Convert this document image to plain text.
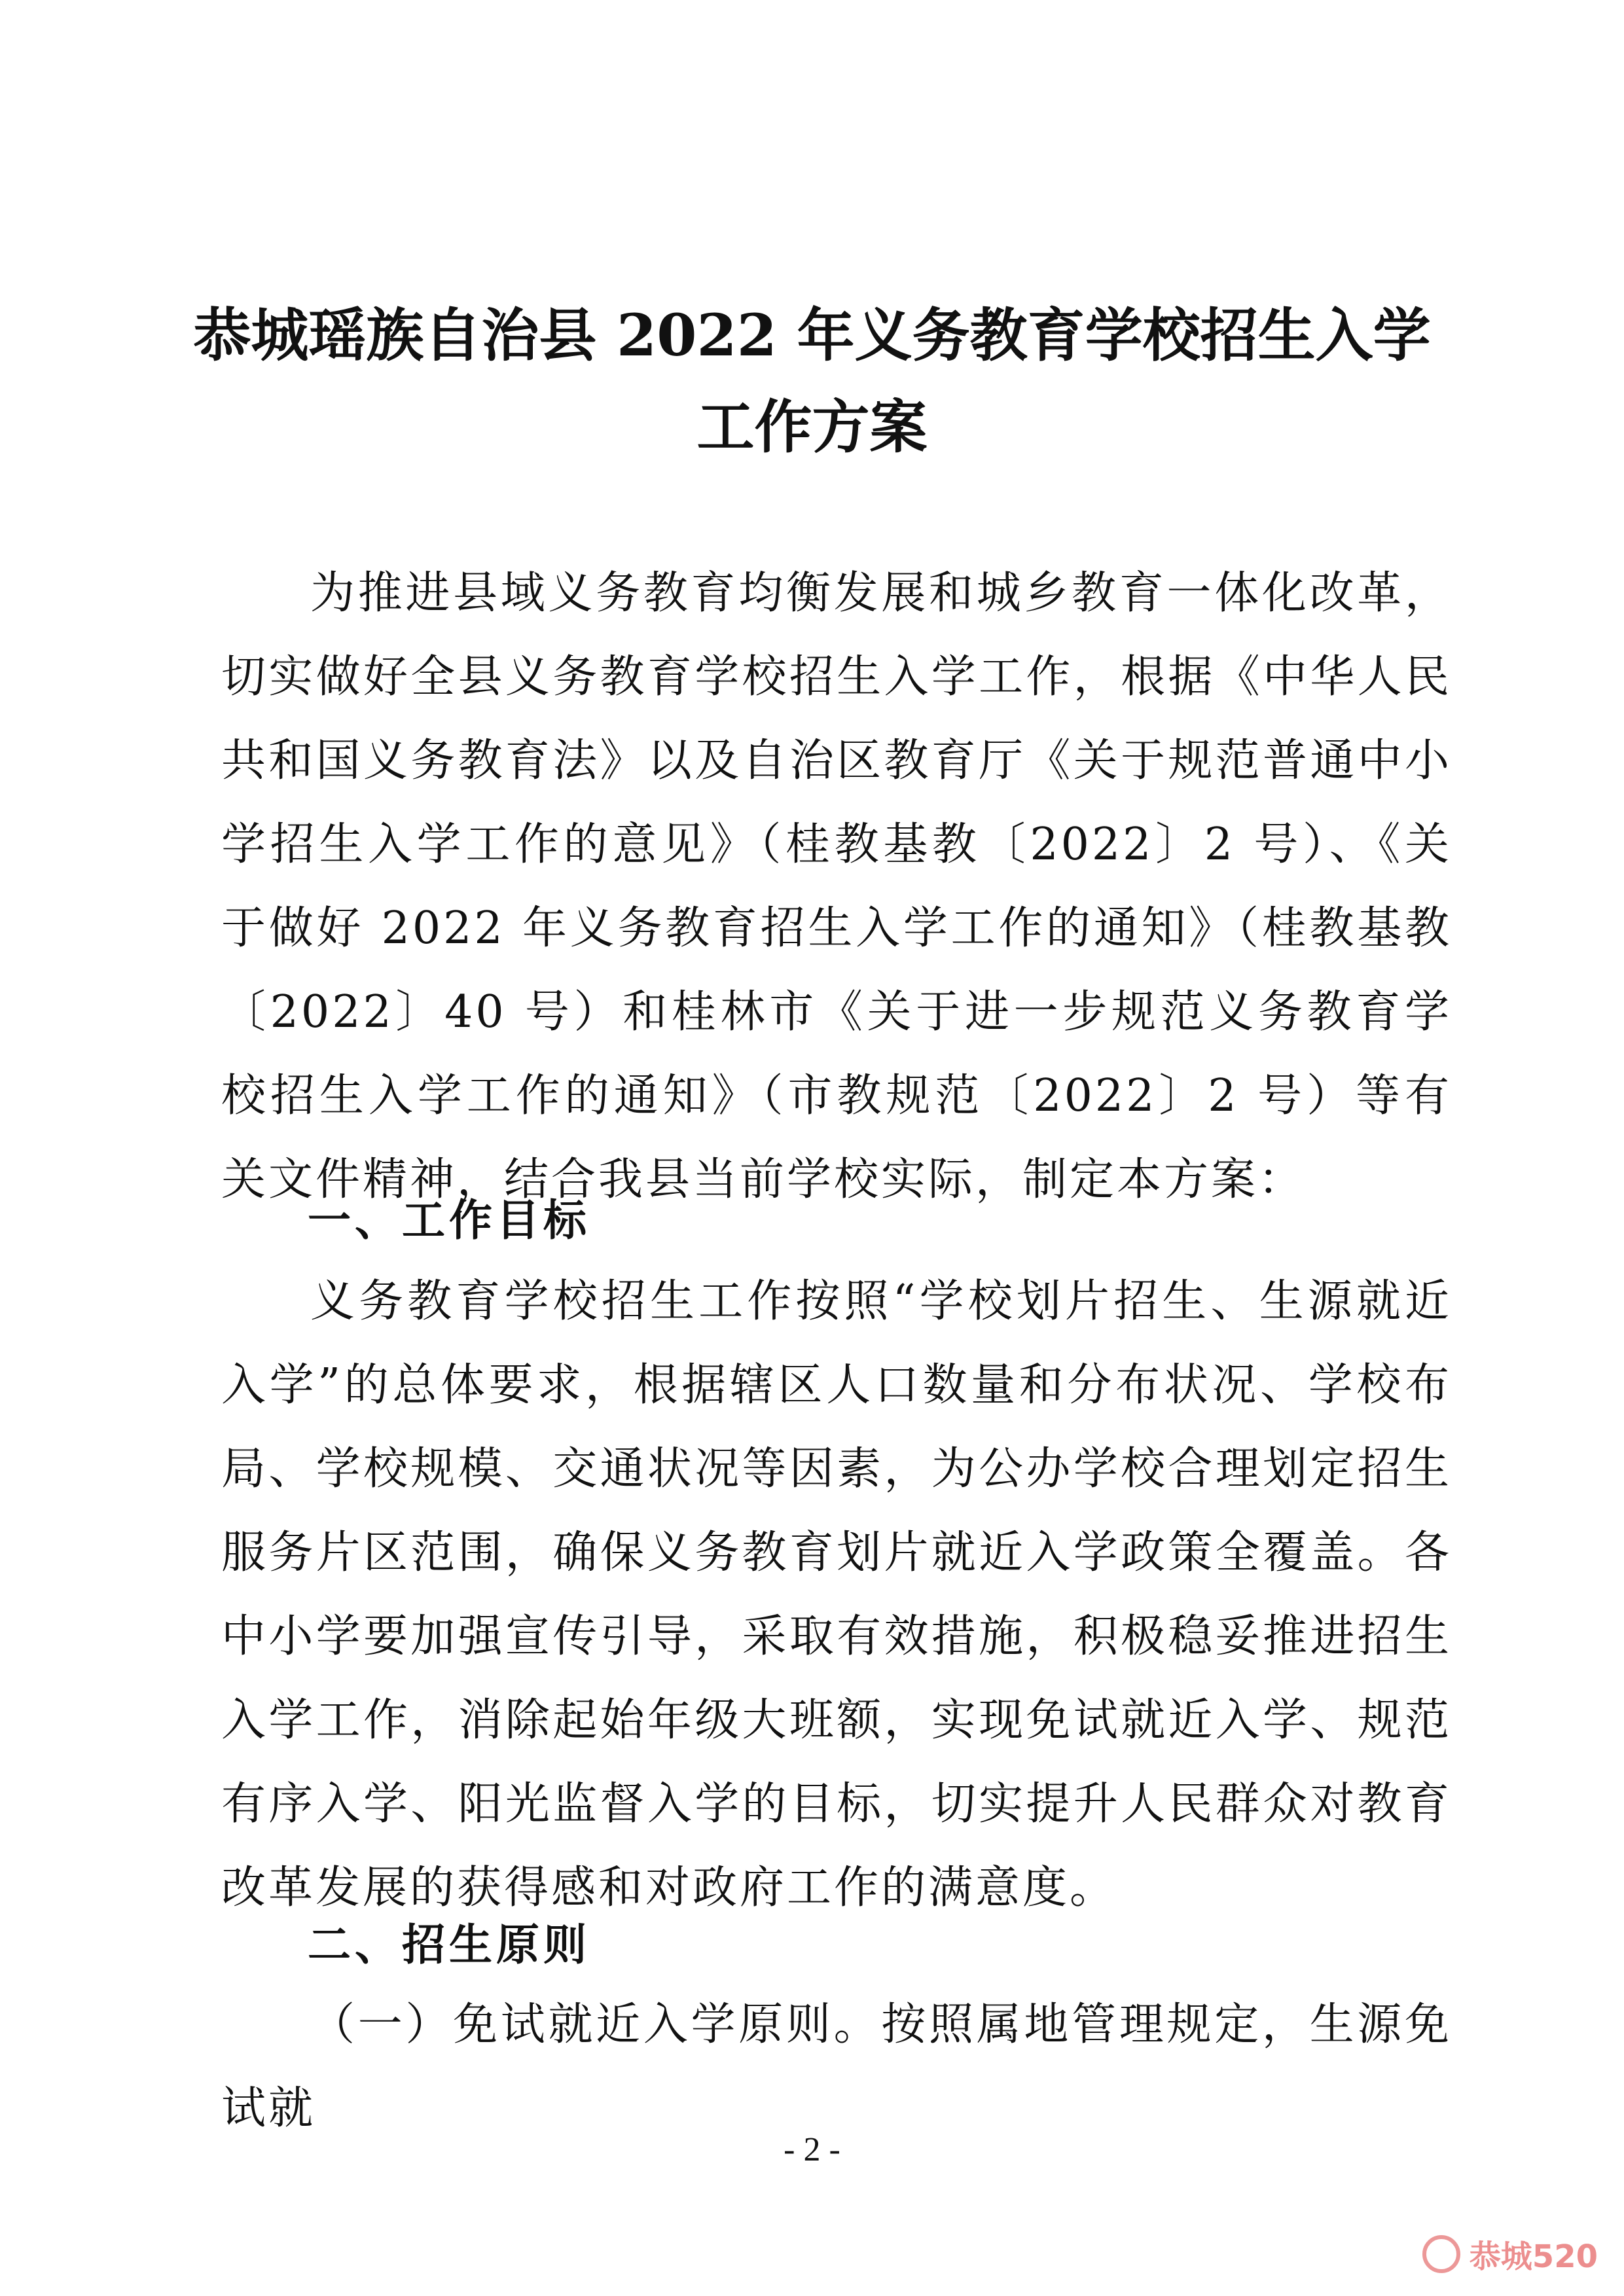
恭城瑶族自治县 2022 年义务教育学校招生入学
工作方案

为推进县域义务教育均衡发展和城乡教育一体化改革，切实做好全县义务教育学校招生入学工作，根据《中华人民共和国义务教育法》以及自治区教育厅《关于规范普通中小学招生入学工作的意见》（桂教基教〔2022〕2 号）、《关于做好 2022 年义务教育招生入学工作的通知》（桂教基教〔2022〕40 号）和桂林市《关于进一步规范义务教育学校招生入学工作的通知》（市教规范〔2022〕2 号）等有关文件精神，结合我县当前学校实际，制定本方案：

一、工作目标

义务教育学校招生工作按照“学校划片招生、生源就近入学”的总体要求，根据辖区人口数量和分布状况、学校布局、学校规模、交通状况等因素，为公办学校合理划定招生服务片区范围，确保义务教育划片就近入学政策全覆盖。各中小学要加强宣传引导，采取有效措施，积极稳妥推进招生入学工作，消除起始年级大班额，实现免试就近入学、规范有序入学、阳光监督入学的目标，切实提升人民群众对教育改革发展的获得感和对政府工作的满意度。

二、招生原则

（一）免试就近入学原则。按照属地管理规定，生源免试就

- 2 -
恭城520
